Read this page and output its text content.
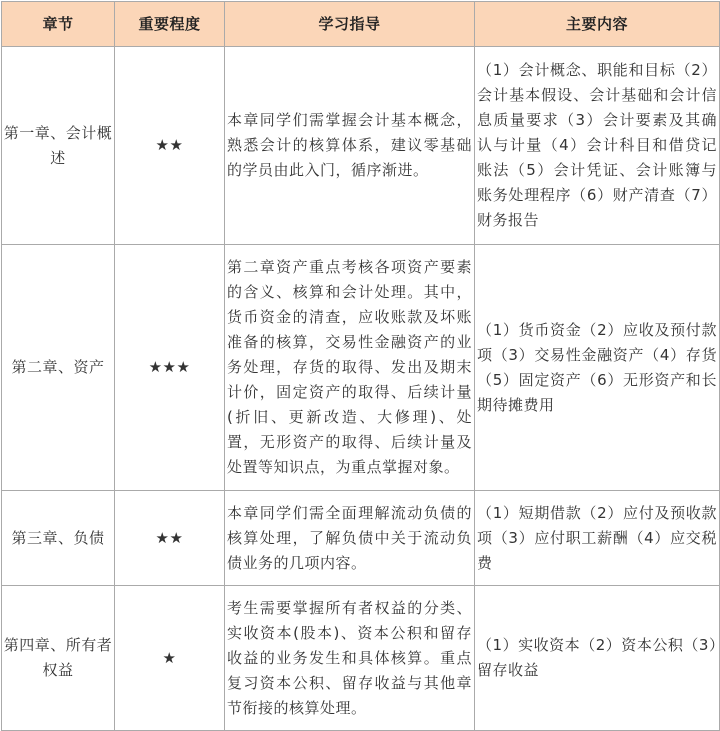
章节	重要程度	学习指导	主要内容
第一章、会计概述	★★	本章同学们需掌握会计基本概念，熟悉会计的核算体系，建议零基础的学员由此入门，循序渐进。	（1）会计概念、职能和目标（2）会计基本假设、会计基础和会计信息质量要求（3）会计要素及其确认与计量（4）会计科目和借贷记账法（5）会计凭证、会计账簿与账务处理程序（6）财产清查（7）财务报告
第二章、资产	★★★	第二章资产重点考核各项资产要素的含义、核算和会计处理。其中，货币资金的清查，应收账款及坏账准备的核算，交易性金融资产的业务处理，存货的取得、发出及期末计价，固定资产的取得、后续计量(折旧、更新改造、大修理)、处置，无形资产的取得、后续计量及处置等知识点，为重点掌握对象。	（1）货币资金（2）应收及预付款项（3）交易性金融资产（4）存货（5）固定资产（6）无形资产和长期待摊费用
第三章、负债	★★	本章同学们需全面理解流动负债的核算处理，了解负债中关于流动负债业务的几项内容。	（1）短期借款（2）应付及预收款项（3）应付职工薪酬（4）应交税费
第四章、所有者权益	★	考生需要掌握所有者权益的分类、实收资本(股本)、资本公积和留存收益的业务发生和具体核算。重点复习资本公积、留存收益与其他章节衔接的核算处理。	（1）实收资本（2）资本公积（3）留存收益
